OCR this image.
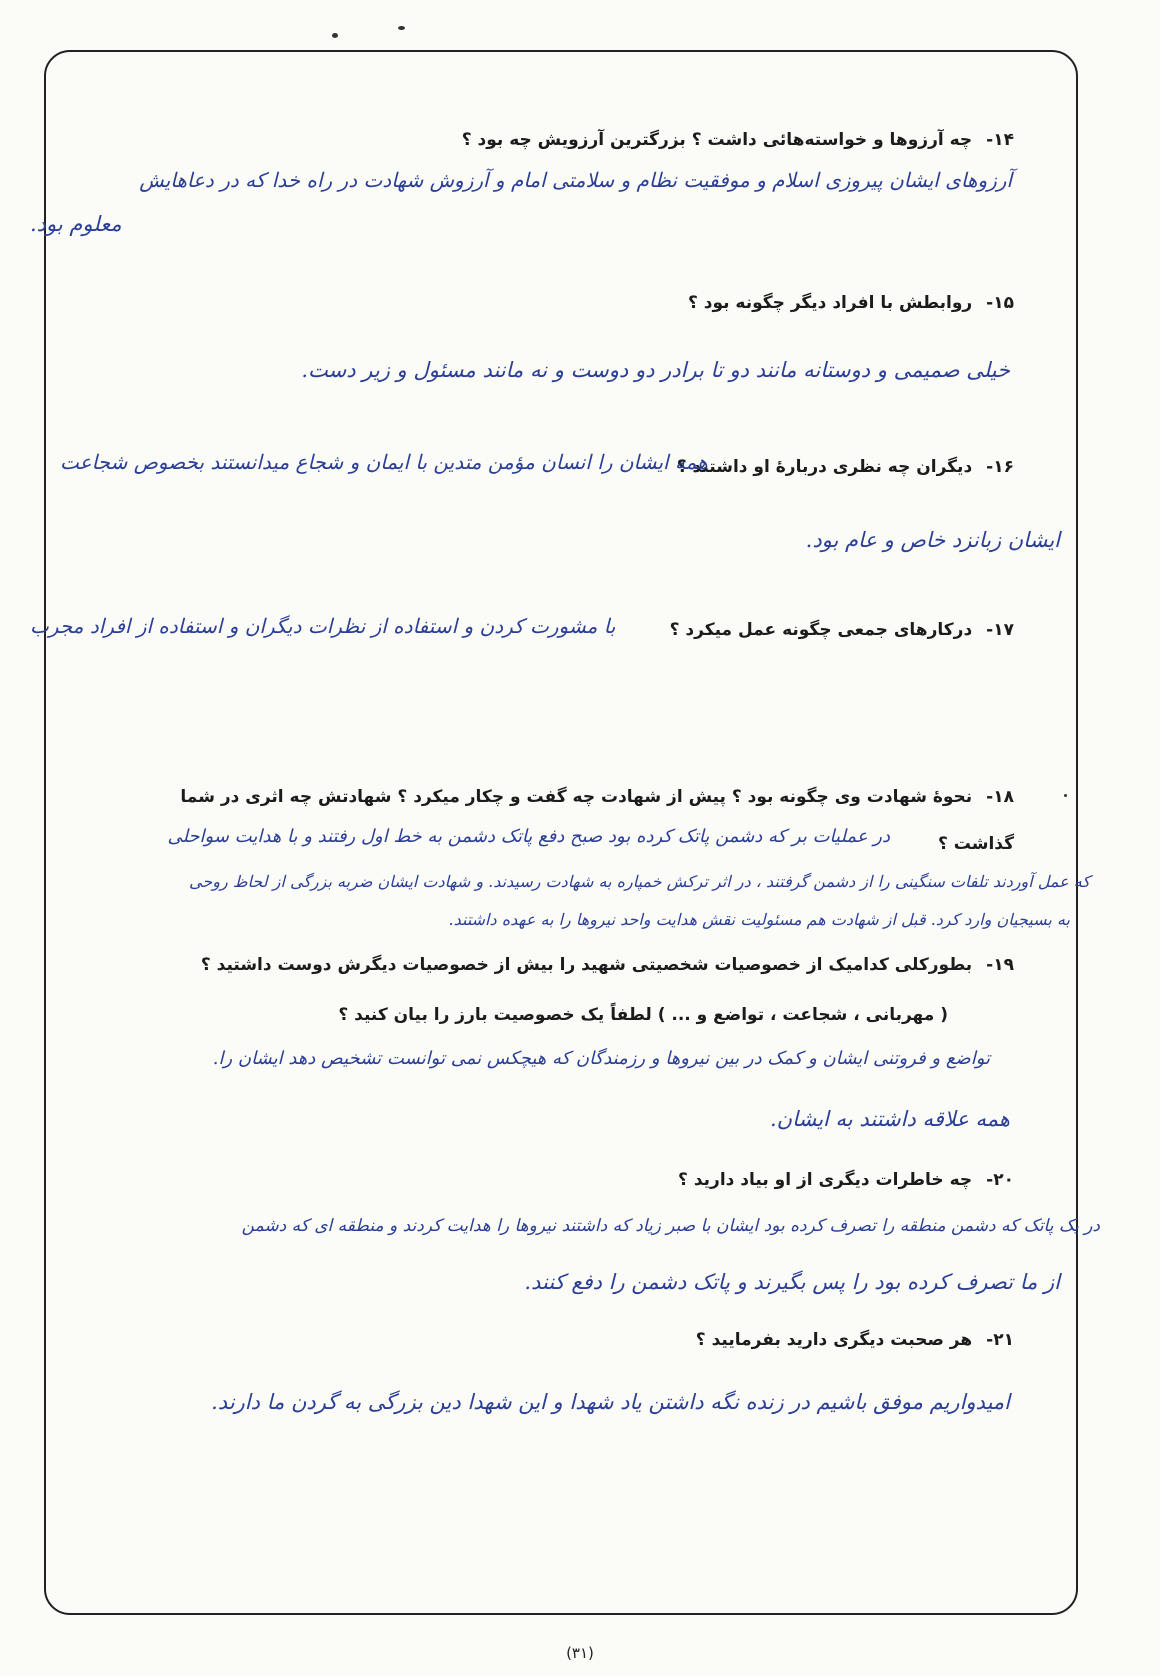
۱۴-چه آرزوها و خواسته‌هائی داشت ؟ بزرگترین آرزویش چه بود ؟
آرزوهای ایشان پیروزی اسلام و موفقیت نظام و سلامتی امام و آرزوش شهادت در راه خدا که در دعاهایش
معلوم بود.
۱۵-روابطش با افراد دیگر چگونه بود ؟
خیلی صمیمی و دوستانه مانند دو تا برادر دو دوست و نه مانند مسئول و زیر دست.
۱۶-دیگران چه نظری دربارهٔ او داشتند ؟
همه ایشان را انسان مؤمن متدین با ایمان و شجاع میدانستند بخصوص شجاعت
ایشان زبانزد خاص و عام بود.
۱۷-درکارهای جمعی چگونه عمل میکرد ؟
با مشورت کردن و استفاده از نظرات دیگران و استفاده از افراد مجرب
۱۸-نحوهٔ شهادت وی چگونه بود ؟ پیش از شهادت چه گفت و چکار میکرد ؟ شهادتش چه اثری در شما
گذاشت ؟
در عملیات بر که دشمن پاتک کرده بود صبح دفع پاتک دشمن به خط اول رفتند و با هدایت سواحلی
که عمل آوردند تلفات سنگینی را از دشمن گرفتند ، در اثر ترکش خمپاره به شهادت رسیدند. و شهادت ایشان ضربه بزرگی از لحاظ روحی
به بسیجیان وارد کرد. قبل از شهادت هم مسئولیت نقش هدایت واحد نیروها را به عهده داشتند.
۱۹-بطورکلی کدامیک از خصوصیات شخصیتی شهید را بیش از خصوصیات دیگرش دوست داشتید ؟
( مهربانی ، شجاعت ، تواضع و ... ) لطفاً یک خصوصیت بارز را بیان کنید ؟
تواضع و فروتنی ایشان و کمک در بین نیروها و رزمندگان که هیچکس نمی توانست تشخیص دهد ایشان را.
همه علاقه داشتند به ایشان.
۲۰-چه خاطرات دیگری از او بیاد دارید ؟
در یک پاتک که دشمن منطقه را تصرف کرده بود ایشان با صبر زیاد که داشتند نیروها را هدایت کردند و منطقه ای که دشمن
از ما تصرف کرده بود را پس بگیرند و پاتک دشمن را دفع کنند.
۲۱-هر صحبت دیگری دارید بفرمایید ؟
امیدواریم موفق باشیم در زنده نگه داشتن یاد شهدا و این شهدا دین بزرگی به گردن ما دارند.
(۳۱)
